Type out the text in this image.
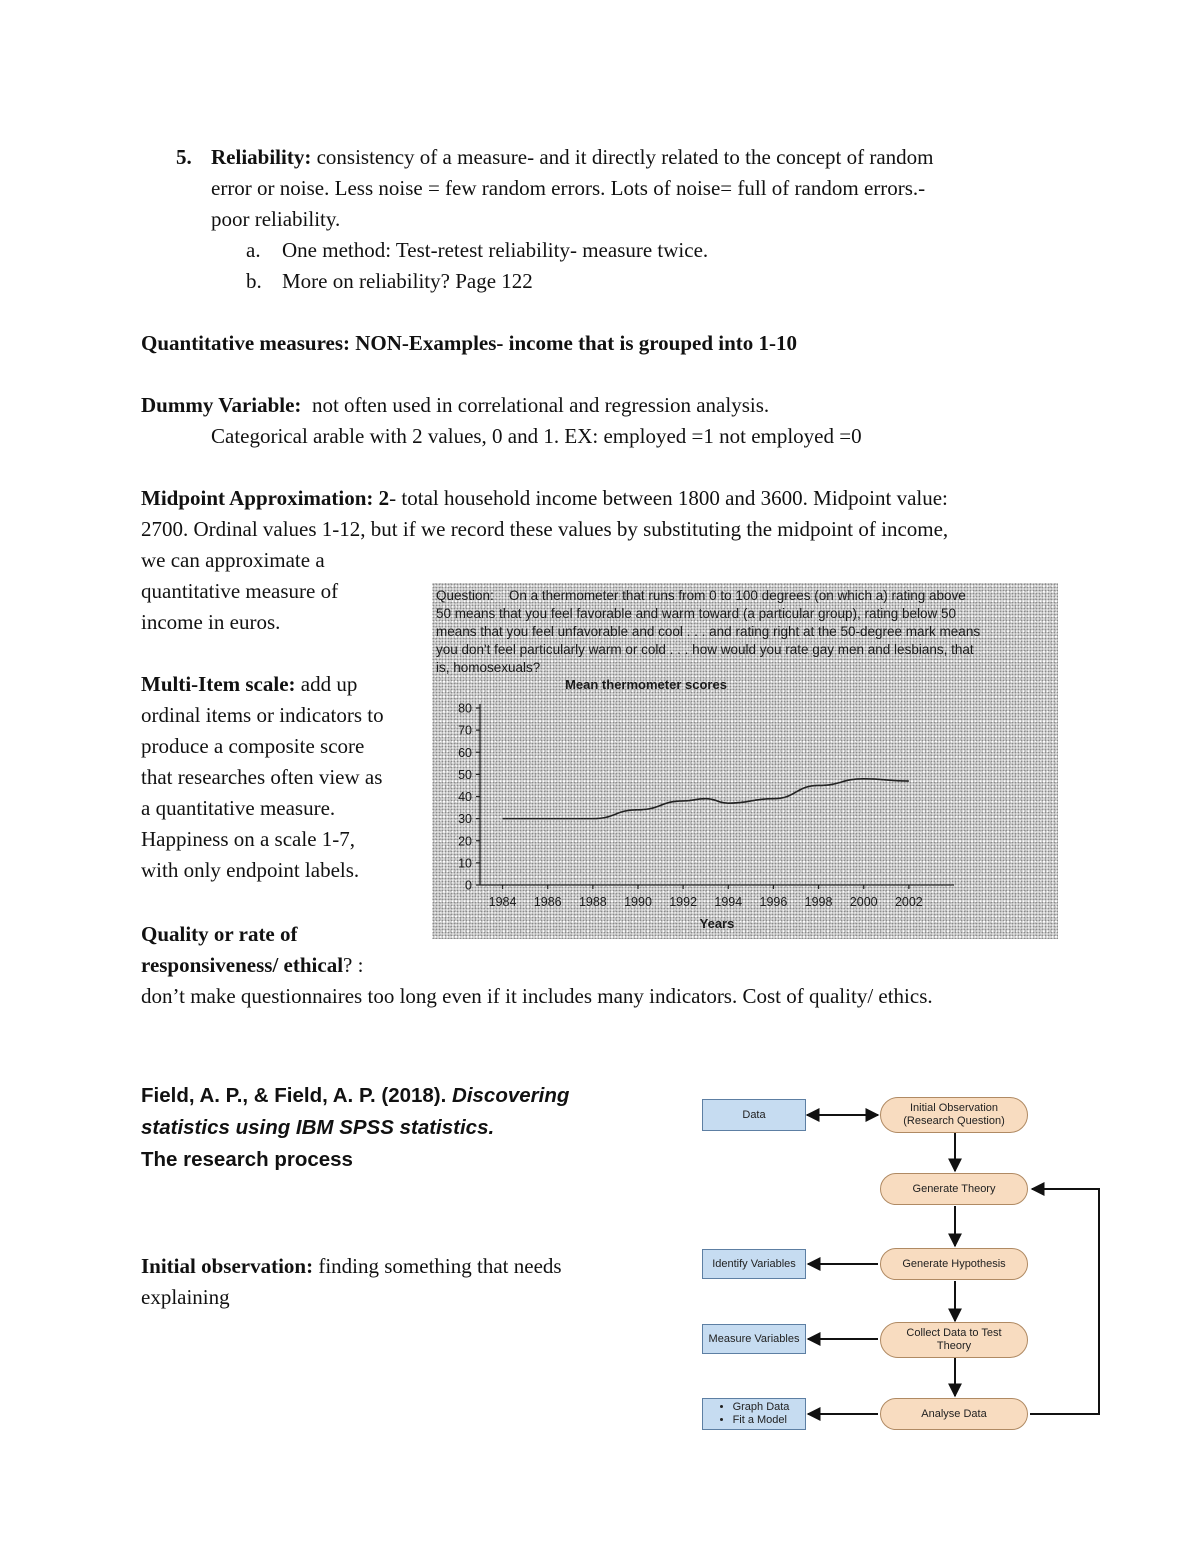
5. Reliability: consistency of a measure- and it directly related to the concept of random
error or noise. Less noise = few random errors. Lots of noise= full of random errors.-
poor reliability.
a. One method: Test-retest reliability- measure twice.
b. More on reliability? Page 122
Quantitative measures: NON-Examples- income that is grouped into 1-10
Dummy Variable: not often used in correlational and regression analysis.
Categorical arable with 2 values, 0 and 1. EX: employed =1 not employed =0
Midpoint Approximation: 2- total household income between 1800 and 3600. Midpoint value:
2700. Ordinal values 1-12, but if we record these values by substituting the midpoint of income,
we can approximate a
quantitative measure of
income in euros.
Multi-Item scale: add up
ordinal items or indicators to
produce a composite score
that researches often view as
a quantitative measure.
Happiness on a scale 1-7,
with only endpoint labels.
Quality or rate of
responsiveness/ ethical? :
don’t make questionnaires too long even if it includes many indicators. Cost of quality/ ethics.
Question: On a thermometer that runs from 0 to 100 degrees (on which a) rating above
50 means that you feel favorable and warm toward (a particular group), rating below 50
means that you feel unfavorable and cool . . . and rating right at the 50-degree mark means
you don't feel particularly warm or cold . . . how would you rate gay men and lesbians, that
is, homosexuals?
Mean thermometer scores
0
10
20
30
40
50
60
70
80
1984 1986 1988 1990 1992 1994 1996 1998 2000 2002
Years
Field, A. P., & Field, A. P. (2018). Discovering
statistics using IBM SPSS statistics.
The research process
Initial observation: finding something that needs
explaining
Data
Initial Observation
(Research Question)
Generate Theory
Identify Variables	Generate Hypothesis
Measure Variables	Collect Data to Test
Theory
• Graph Data
• Fit a Model
Analyse Data
